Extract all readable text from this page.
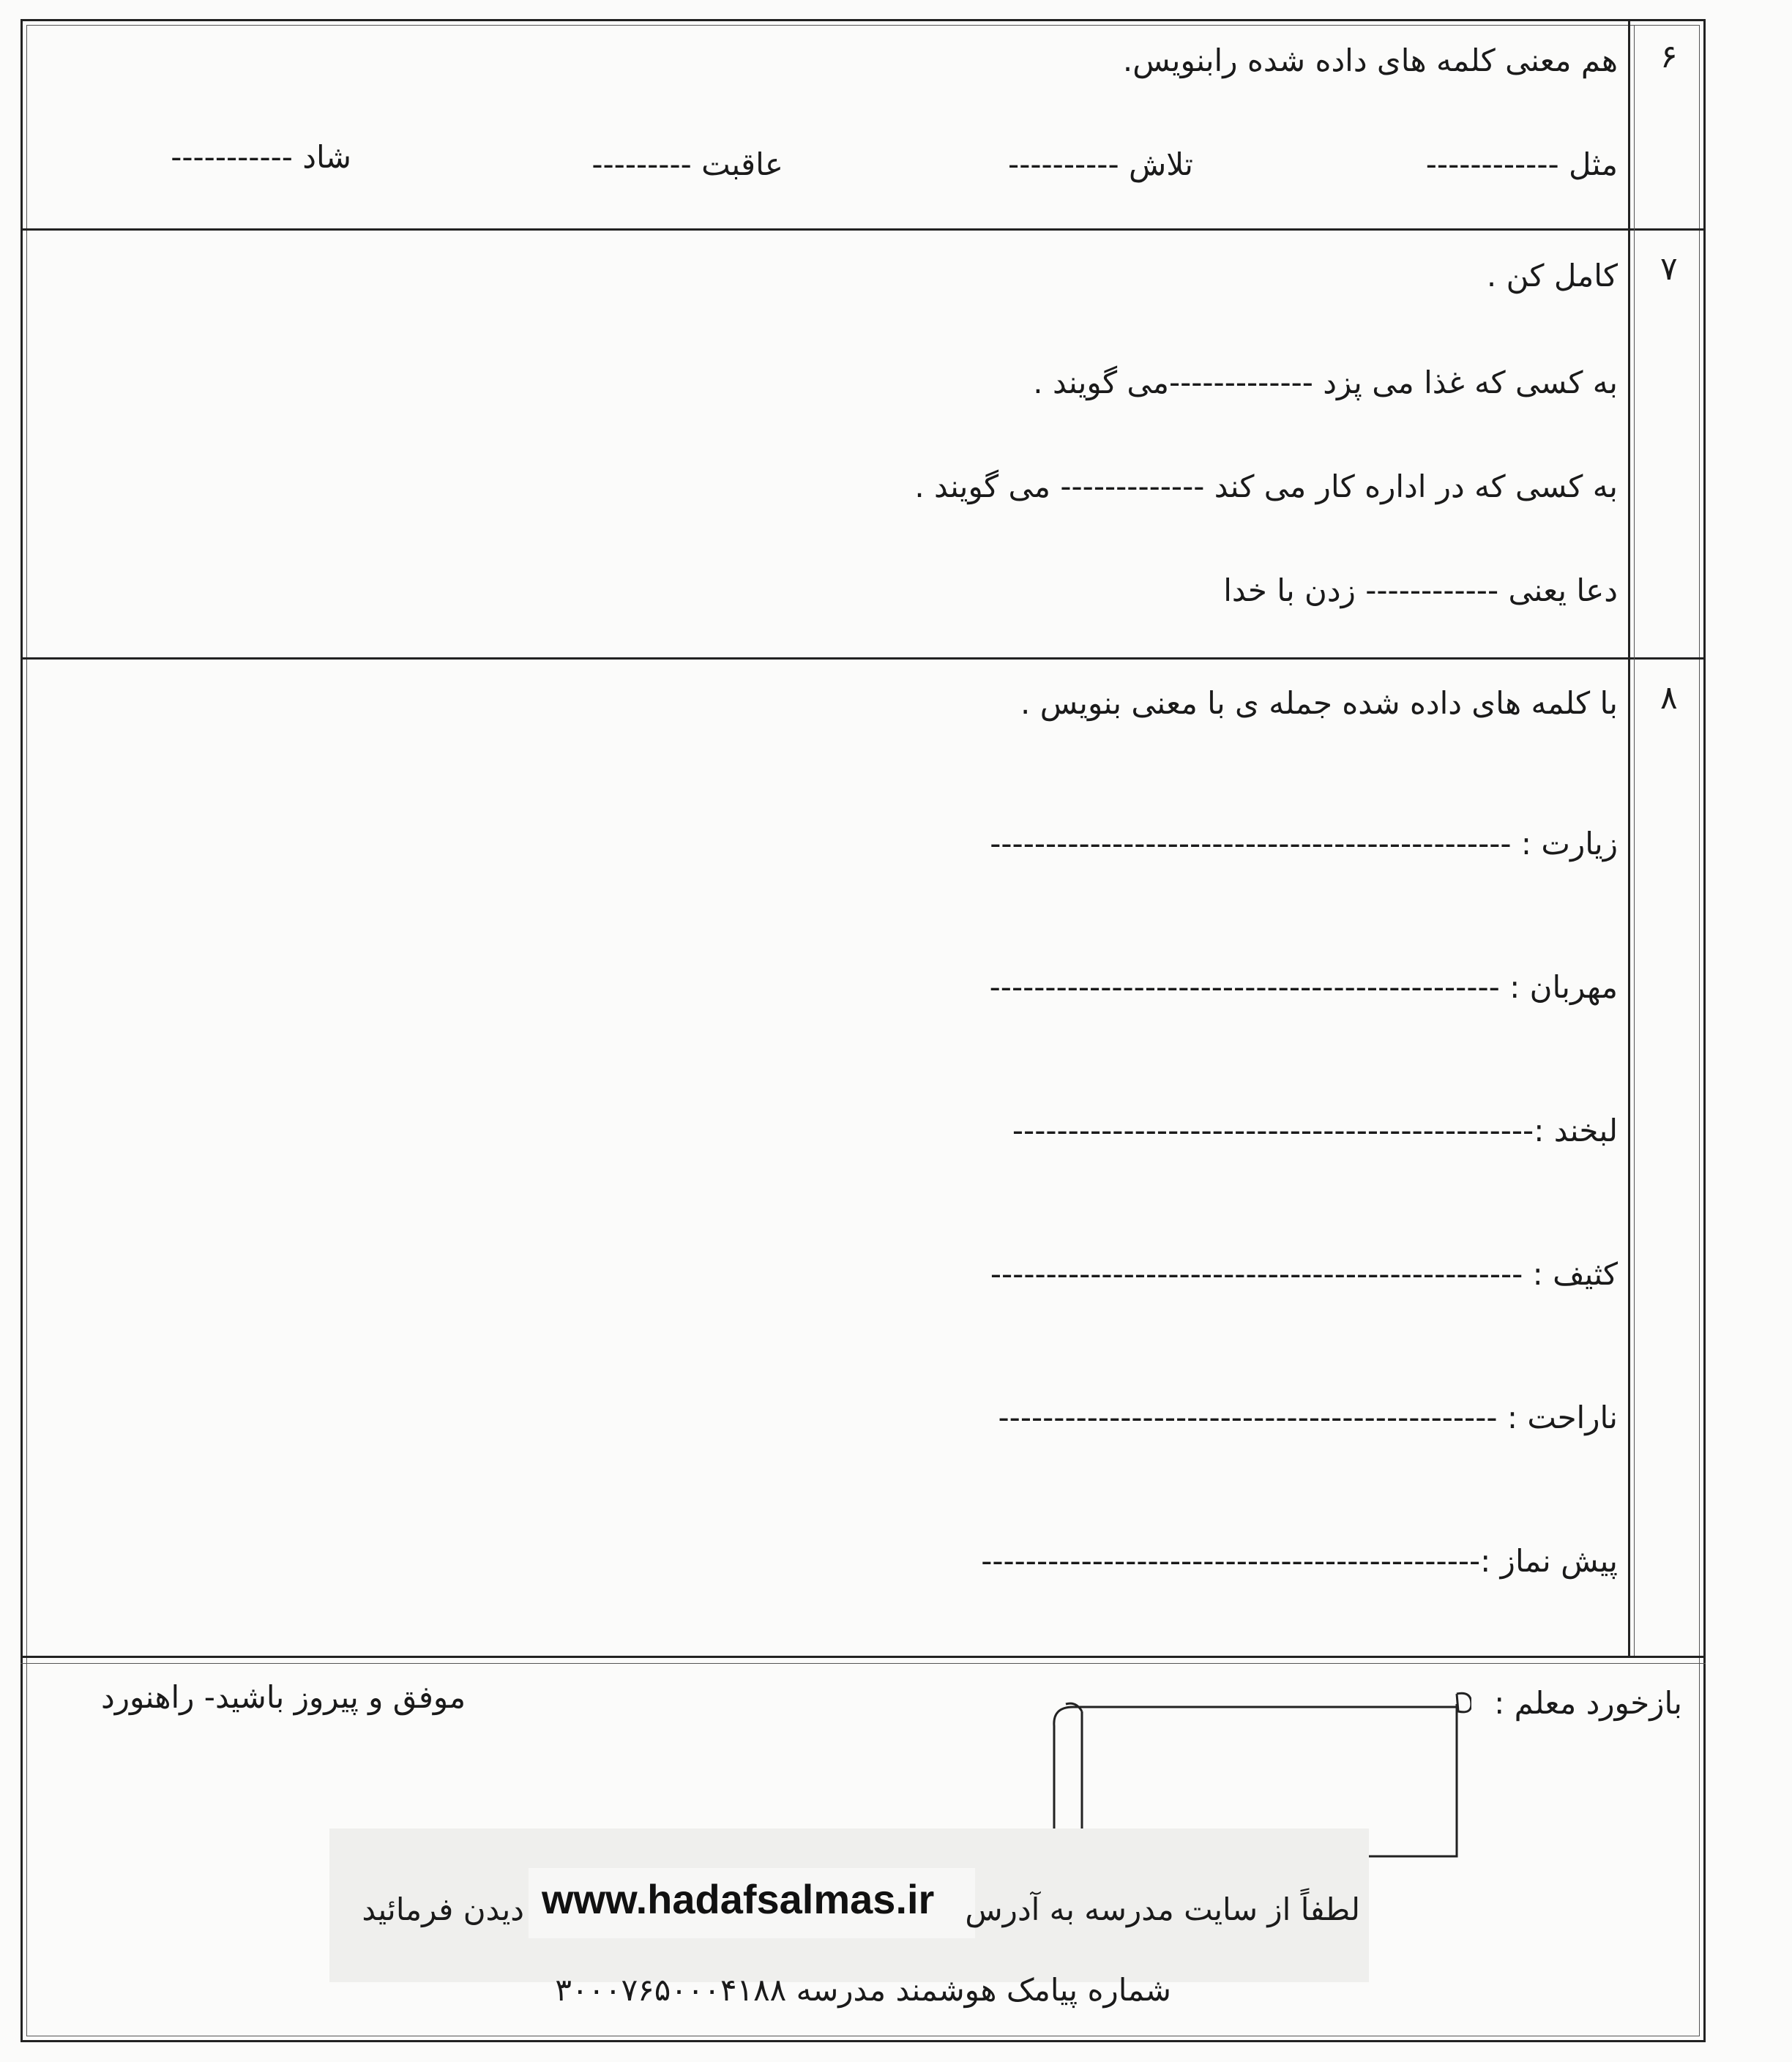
۶
هم معنی کلمه های داده شده رابنویس.
مثل ------------
تلاش ----------
عاقبت ---------
شاد -----------
۷
کامل کن .
به کسی که غذا می پزد -------------می گویند .
به کسی که در اداره کار می کند ------------- می گویند .
دعا یعنی ------------ زدن با خدا
۸
با کلمه های داده شده جمله ی با معنی بنویس .
زیارت : -----------------------------------------------
مهربان : ----------------------------------------------
لبخند :-----------------------------------------------
کثیف : ------------------------------------------------
ناراحت : ---------------------------------------------
پیش نماز :---------------------------------------------
بازخورد معلم :
موفق و پیروز باشید- راهنورد
www.hadafsalmas.ir لطفاً از سایت مدرسه به آدرس
دیدن فرمائید
شماره پیامک هوشمند مدرسه ۳۰۰۰۷۶۵۰۰۰۴۱۸۸
